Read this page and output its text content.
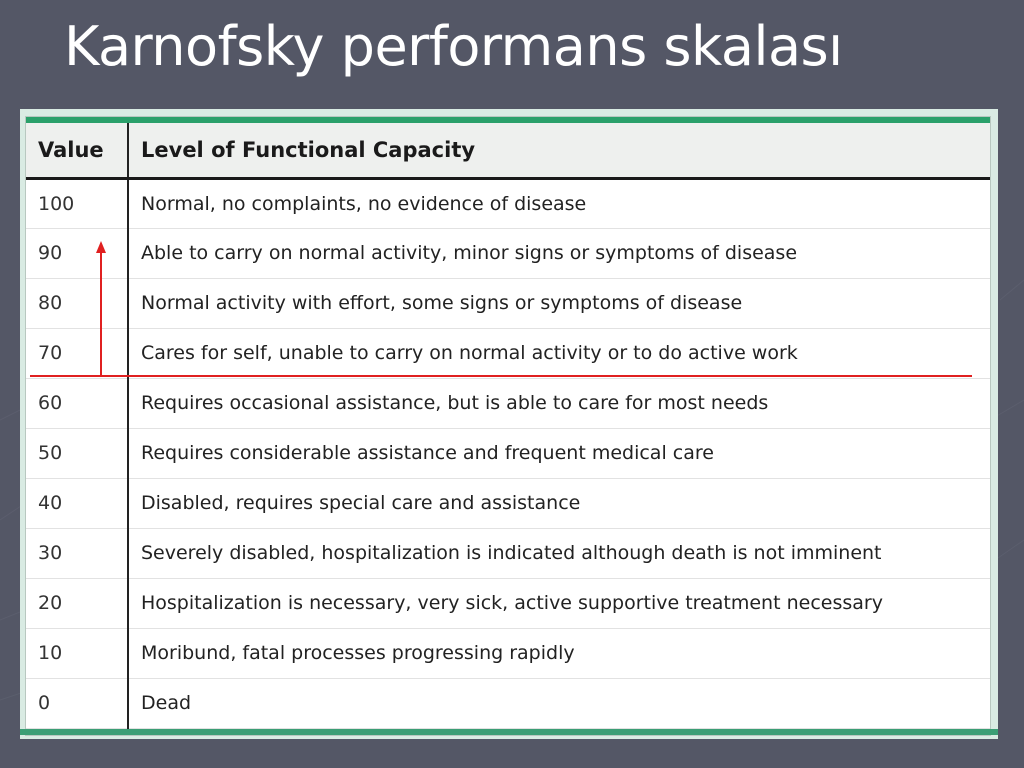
Karnofsky performans skalası
Value	Level of Functional Capacity
100	Normal, no complaints, no evidence of disease
90	Able to carry on normal activity, minor signs or symptoms of disease
80	Normal activity with effort, some signs or symptoms of disease
70	Cares for self, unable to carry on normal activity or to do active work
60	Requires occasional assistance, but is able to care for most needs
50	Requires considerable assistance and frequent medical care
40	Disabled, requires special care and assistance
30	Severely disabled, hospitalization is indicated although death is not imminent
20	Hospitalization is necessary, very sick, active supportive treatment necessary
10	Moribund, fatal processes progressing rapidly
0	Dead
